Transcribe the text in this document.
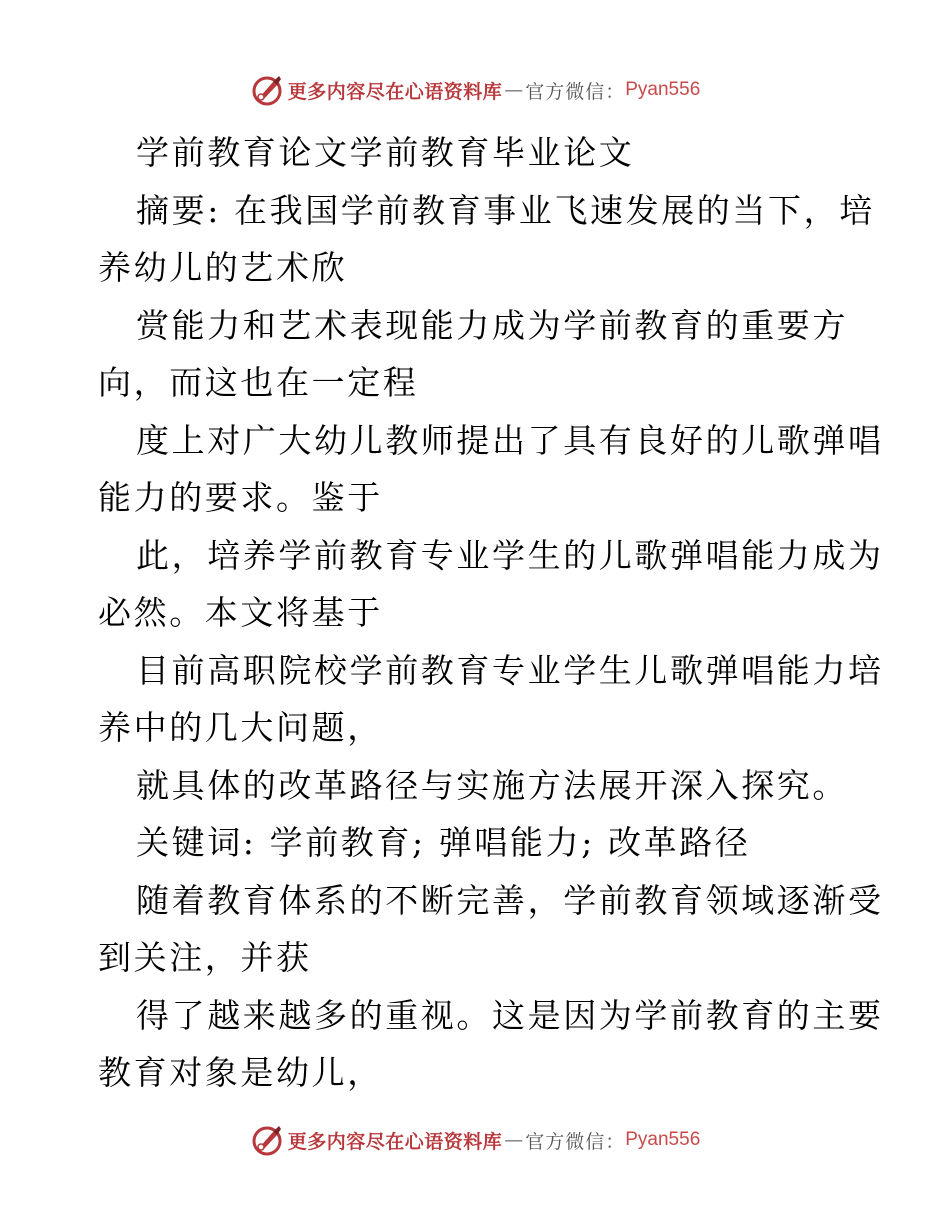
更多内容尽在心语资料库 — 官方微信： Pyan556
学前教育论文学前教育毕业论文
摘要: 在我国学前教育事业飞速发展的当下，培
养幼儿的艺术欣
赏能力和艺术表现能力成为学前教育的重要方
向，而这也在一定程
度上对广大幼儿教师提出了具有良好的儿歌弹唱
能力的要求。鉴于
此，培养学前教育专业学生的儿歌弹唱能力成为
必然。本文将基于
目前高职院校学前教育专业学生儿歌弹唱能力培
养中的几大问题，
就具体的改革路径与实施方法展开深入探究。
关键词: 学前教育; 弹唱能力; 改革路径
随着教育体系的不断完善，学前教育领域逐渐受
到关注，并获
得了越来越多的重视。这是因为学前教育的主要
教育对象是幼儿，
更多内容尽在心语资料库 — 官方微信： Pyan556
